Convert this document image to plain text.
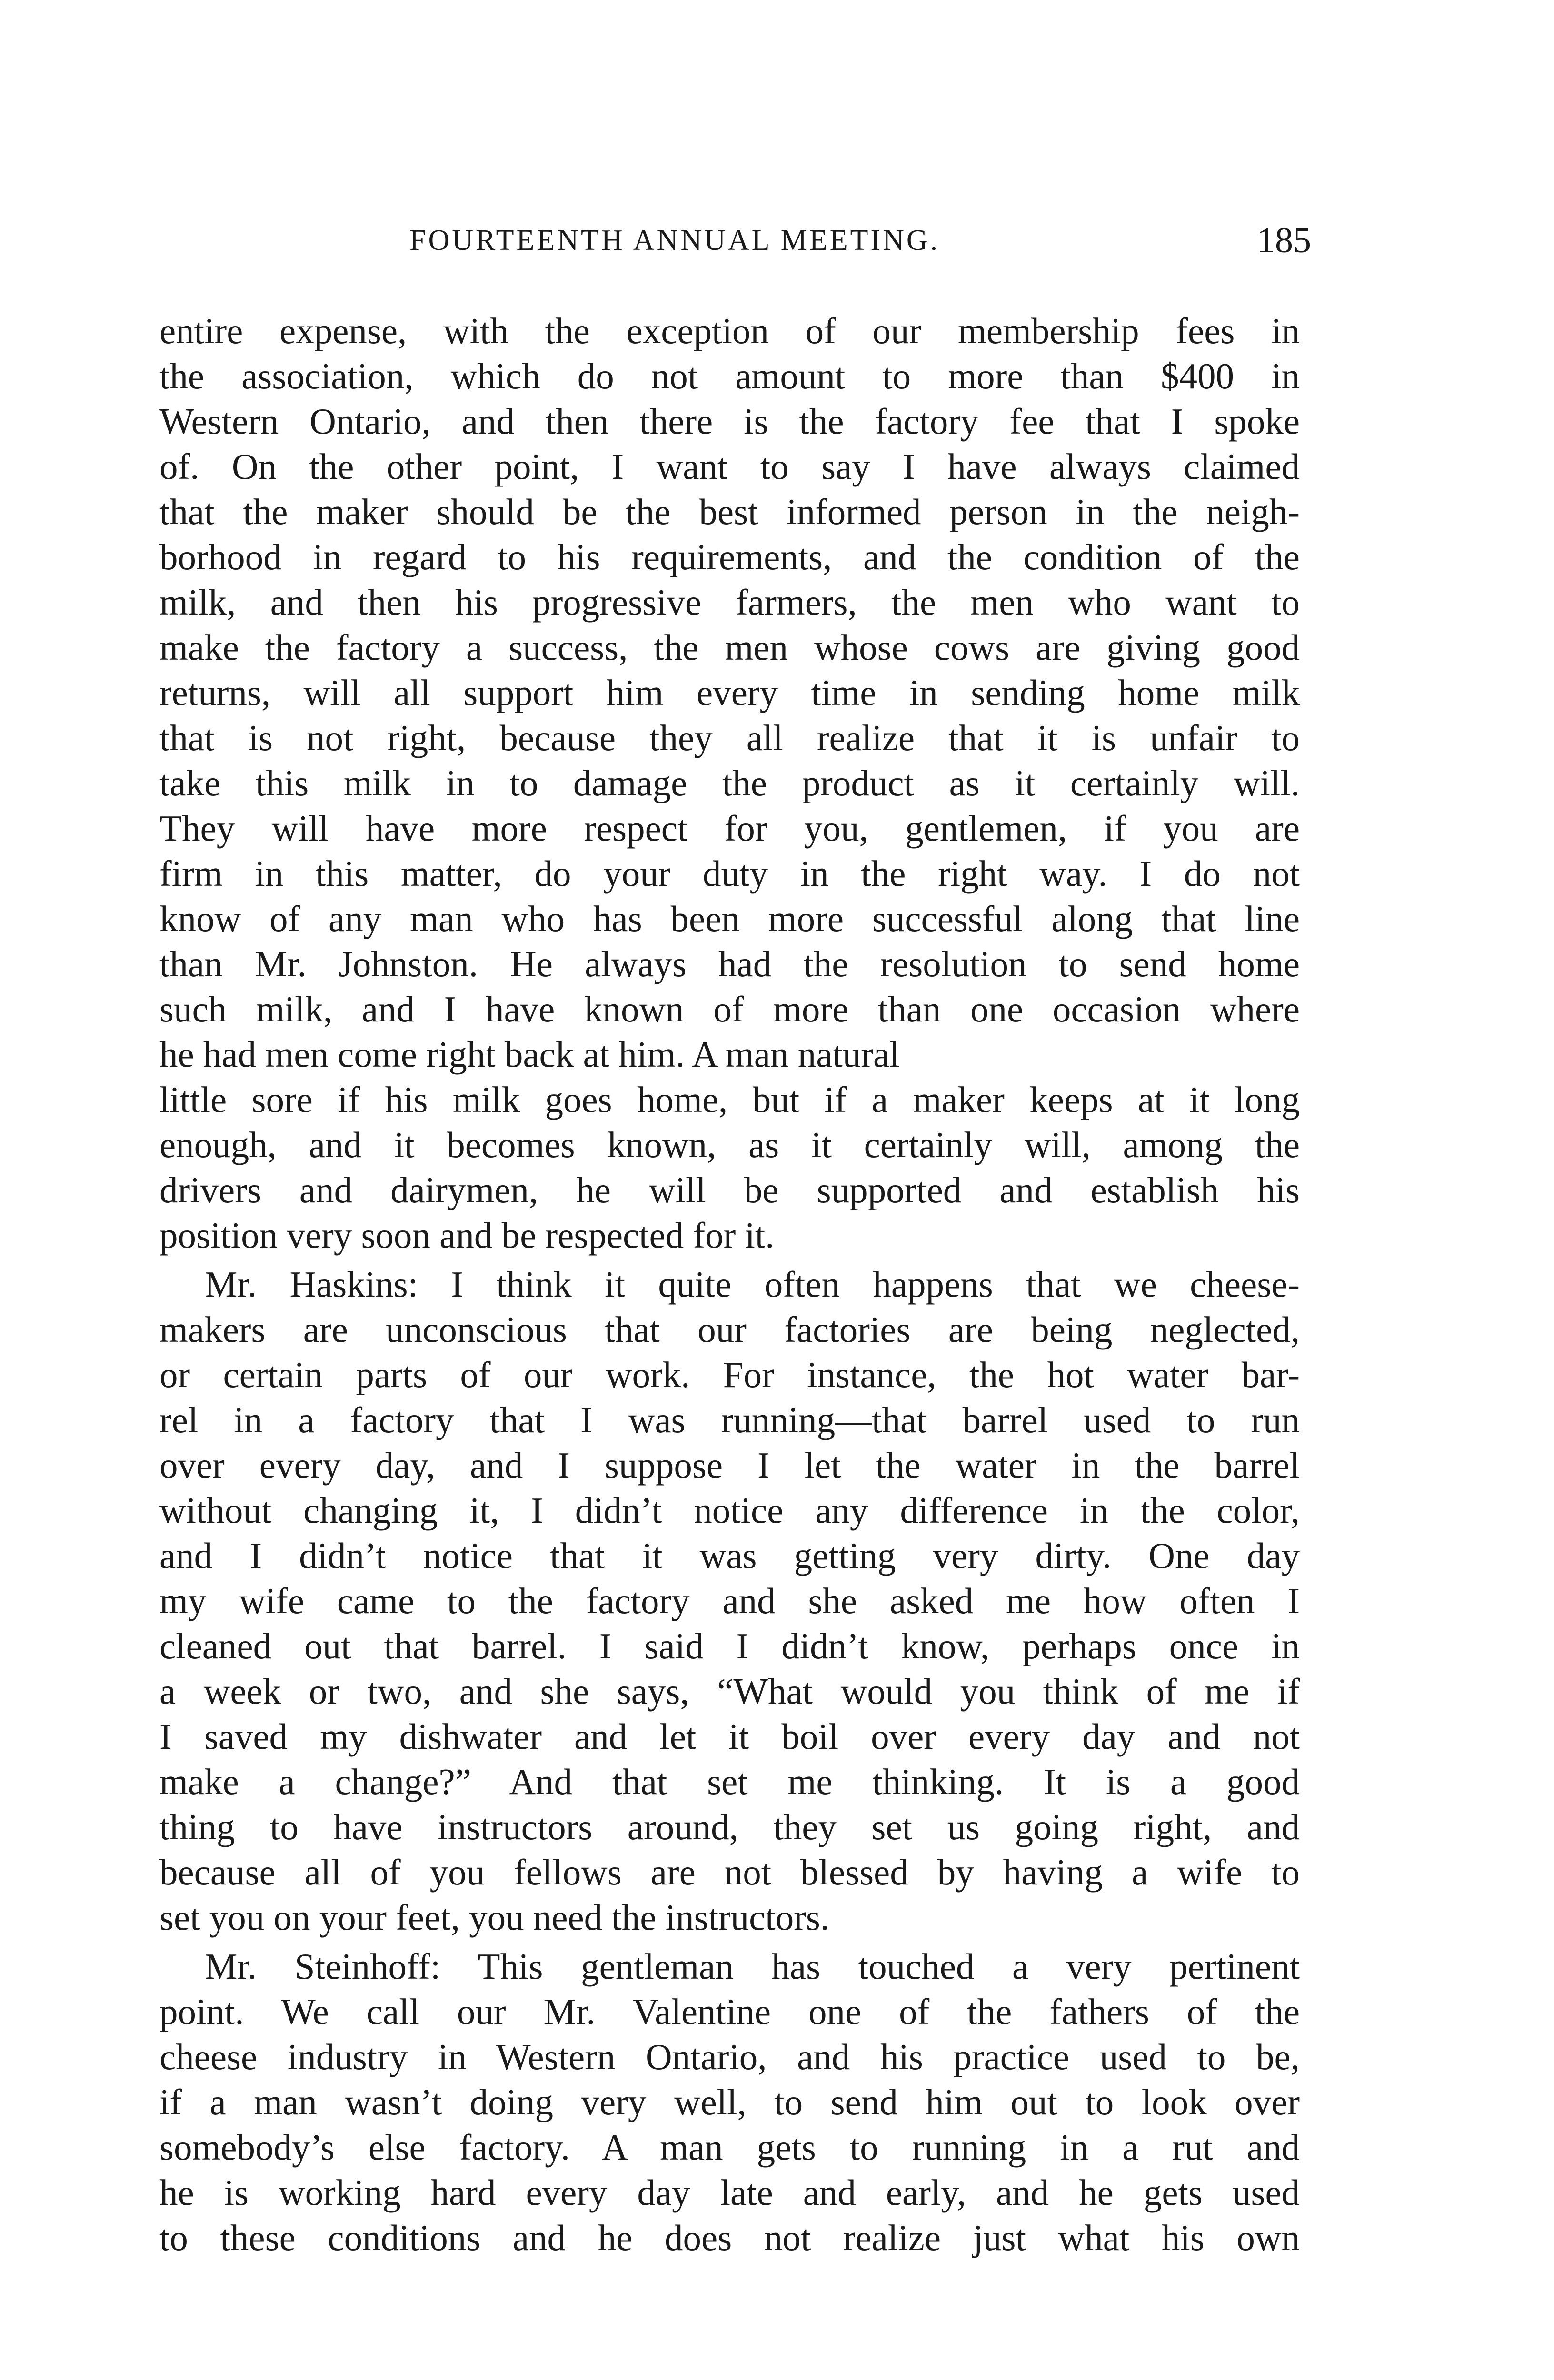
FOURTEENTH ANNUAL MEETING.	185
entire expense, with the exception of our membership fees in
the association, which do not amount to more than $400 in
Western Ontario, and then there is the factory fee that I spoke
of. On the other point, I want to say I have always claimed
that the maker should be the best informed person in the neigh-
borhood in regard to his requirements, and the condition of the
milk, and then his progressive farmers, the men who want to
make the factory a success, the men whose cows are giving good
returns, will all support him every time in sending home milk
that is not right, because they all realize that it is unfair to
take this milk in to damage the product as it certainly will.
They will have more respect for you, gentlemen, if you are
firm in this matter, do your duty in the right way. I do not
know of any man who has been more successful along that line
than Mr. Johnston. He always had the resolution to send home
such milk, and I have known of more than one occasion where
he had men come right back at him. A man natural
little sore if his milk goes home, but if a maker keeps at it long
enough, and it becomes known, as it certainly will, among the
drivers and dairymen, he will be supported and establish his
position very soon and be respected for it.
Mr. Haskins: I think it quite often happens that we cheese-
makers are unconscious that our factories are being neglected,
or certain parts of our work. For instance, the hot water bar-
rel in a factory that I was running—that barrel used to run
over every day, and I suppose I let the water in the barrel
without changing it, I didn’t notice any difference in the color,
and I didn’t notice that it was getting very dirty. One day
my wife came to the factory and she asked me how often I
cleaned out that barrel. I said I didn’t know, perhaps once in
a week or two, and she says, “What would you think of me if
I saved my dishwater and let it boil over every day and not
make a change?” And that set me thinking. It is a good
thing to have instructors around, they set us going right, and
because all of you fellows are not blessed by having a wife to
set you on your feet, you need the instructors.
Mr. Steinhoff: This gentleman has touched a very pertinent
point. We call our Mr. Valentine one of the fathers of the
cheese industry in Western Ontario, and his practice used to be,
if a man wasn’t doing very well, to send him out to look over
somebody’s else factory. A man gets to running in a rut and
he is working hard every day late and early, and he gets used
to these conditions and he does not realize just what his own
